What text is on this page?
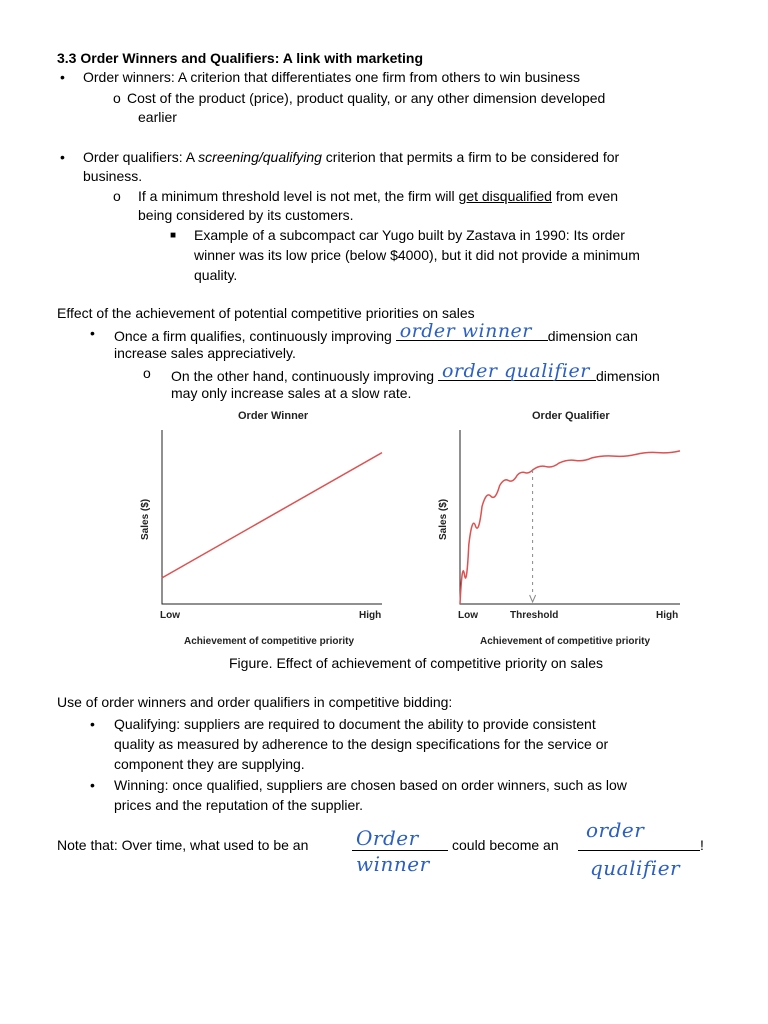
3.3 Order Winners and Qualifiers: A link with marketing
• Order winners: A criterion that differentiates one firm from others to win business
o Cost of the product (price), product quality, or any other dimension developed
earlier
• Order qualifiers: A screening/qualifying criterion that permits a firm to be considered for
business.
o If a minimum threshold level is not met, the firm will get disqualified from even
being considered by its customers.
■ Example of a subcompact car Yugo built by Zastava in 1990: Its order
winner was its low price (below $4000), but it did not provide a minimum
quality.
Effect of the achievement of potential competitive priorities on sales
• Once a firm qualifies, continuously improving order winner dimension can
increase sales appreciatively.
o On the other hand, continuously improving order qualifier dimension
may only increase sales at a slow rate.
Order Winner
Sales ($)
Low	High
Achievement of competitive priority
Order Qualifier
Sales ($)
Low	Threshold	High
Achievement of competitive priority
Figure. Effect of achievement of competitive priority on sales
Use of order winners and order qualifiers in competitive bidding:
• Qualifying: suppliers are required to document the ability to provide consistent
quality as measured by adherence to the design specifications for the service or
component they are supplying.
• Winning: once qualified, suppliers are chosen based on order winners, such as low
prices and the reputation of the supplier.
Note that: Over time, what used to be an Order
winner
could become an
order
qualifier
!
